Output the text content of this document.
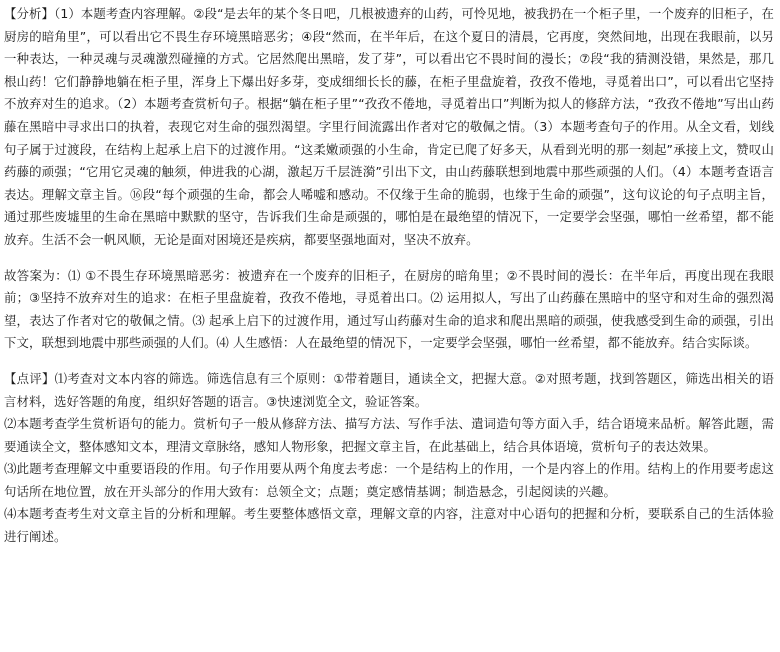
【分析】（1）本题考查内容理解。②段“是去年的某个冬日吧，几根被遗弃的山药，可怜见地，被我扔在一个柜子里，一个废弃的旧柜子，在厨房的暗角里”，可以看出它不畏生存环境黑暗恶劣；④段“然而，在半年后，在这个夏日的清晨，它再度，突然间地，出现在我眼前，以另一种表达，一种灵魂与灵魂激烈碰撞的方式。它居然爬出黑暗，发了芽”，可以看出它不畏时间的漫长；⑦段“我的猜测没错，果然是，那几根山药！它们静静地躺在柜子里，浑身上下爆出好多芽，变成细细长长的藤，在柜子里盘旋着，孜孜不倦地，寻觅着出口”，可以看出它坚持不放弃对生的追求。（2）本题考查赏析句子。根据“躺在柜子里”“孜孜不倦地，寻觅着出口”判断为拟人的修辞方法，“孜孜不倦地”写出山药藤在黑暗中寻求出口的执着，表现它对生命的强烈渴望。字里行间流露出作者对它的敬佩之情。（3）本题考查句子的作用。从全文看，划线句子属于过渡段，在结构上起承上启下的过渡作用。“这柔嫩顽强的小生命，肯定已爬了好多天，从看到光明的那一刻起”承接上文，赞叹山药藤的顽强；“它用它灵魂的触须，伸进我的心湖，激起万千层涟漪”引出下文，由山药藤联想到地震中那些顽强的人们。（4）本题考查语言表达。理解文章主旨。⑯段“每个顽强的生命，都会人唏嘘和感动。不仅缘于生命的脆弱，也缘于生命的顽强”，这句议论的句子点明主旨，通过那些废墟里的生命在黑暗中默默的坚守，告诉我们生命是顽强的，哪怕是在最绝望的情况下，一定要学会坚强，哪怕一丝希望，都不能放弃。生活不会一帆风顺，无论是面对困境还是疾病，都要坚强地面对，坚决不放弃。

故答案为：⑴ ①不畏生存环境黑暗恶劣：被遗弃在一个废弃的旧柜子，在厨房的暗角里；②不畏时间的漫长：在半年后，再度出现在我眼前；③坚持不放弃对生的追求：在柜子里盘旋着，孜孜不倦地，寻觅着出口。⑵ 运用拟人，写出了山药藤在黑暗中的坚守和对生命的强烈渴望，表达了作者对它的敬佩之情。⑶ 起承上启下的过渡作用，通过写山药藤对生命的追求和爬出黑暗的顽强，使我感受到生命的顽强，引出下文，联想到地震中那些顽强的人们。⑷ 人生感悟：人在最绝望的情况下，一定要学会坚强，哪怕一丝希望，都不能放弃。结合实际谈。

【点评】⑴考查对文本内容的筛选。筛选信息有三个原则：①带着题目，通读全文，把握大意。②对照考题，找到答题区，筛选出相关的语言材料，选好答题的角度，组织好答题的语言。③快速浏览全文，验证答案。
⑵本题考查学生赏析语句的能力。赏析句子一般从修辞方法、描写方法、写作手法、遣词造句等方面入手，结合语境来品析。解答此题，需要通读全文，整体感知文本，理清文章脉络，感知人物形象，把握文章主旨，在此基础上，结合具体语境，赏析句子的表达效果。
⑶此题考查理解文中重要语段的作用。句子作用要从两个角度去考虑：一个是结构上的作用，一个是内容上的作用。结构上的作用要考虑这句话所在地位置，放在开头部分的作用大致有：总领全文；点题；奠定感情基调；制造悬念，引起阅读的兴趣。
⑷本题考查考生对文章主旨的分析和理解。考生要整体感悟文章，理解文章的内容，注意对中心语句的把握和分析，要联系自己的生活体验进行阐述。
